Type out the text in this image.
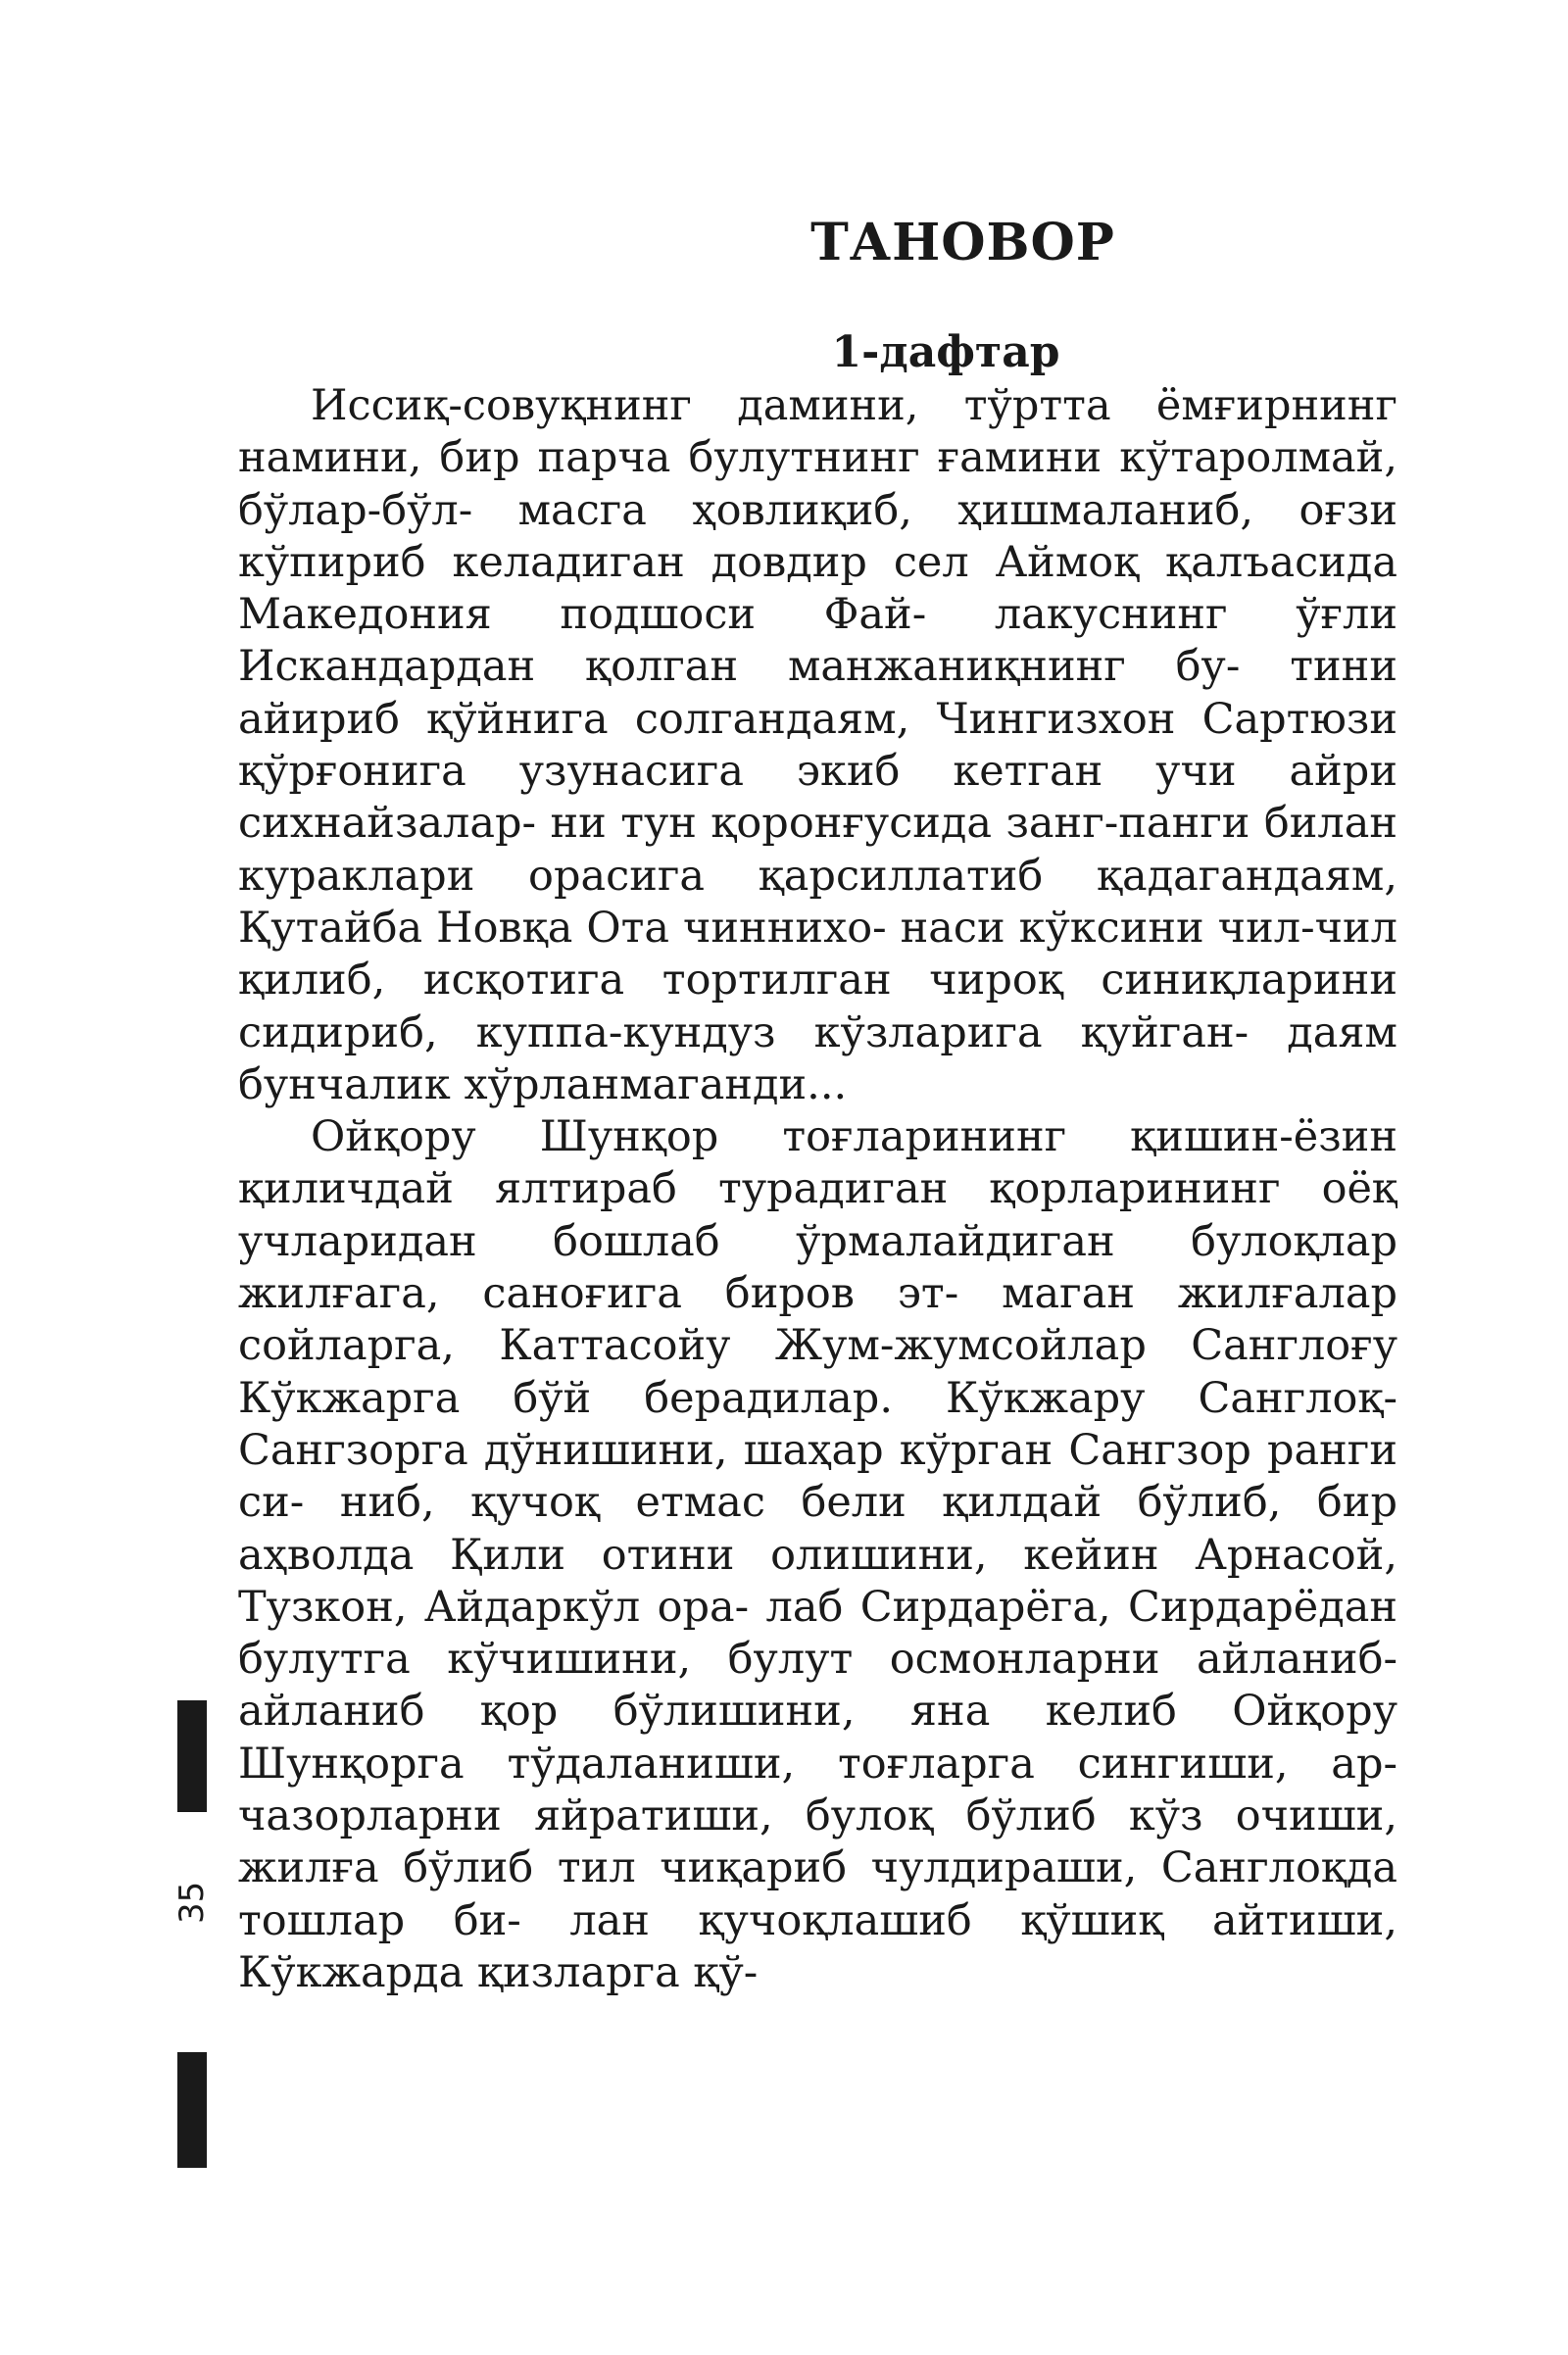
ТАНОВОР
1-дафтар
Иссиқ-совуқнинг дамини, тўртта ёмғирнинг
намини, бир парча булутнинг ғамини кўтаролмай,
бўлар-бўл- масга ҳовлиқиб, ҳишмаланиб, оғзи
кўпириб келадиган довдир сел Аймоқ қалъасида
Македония подшоси Фай- лакуснинг ўғли
Искандардан қолган манжаниқнинг бу- тини
айириб қўйнига солгандаям, Чингизхон Сартюзи
қўрғонига узунасига экиб кетган учи айри
сихнайзалар- ни тун қоронғусида занг-панги билан
кураклари орасига қарсиллатиб қадагандаям,
Қутайба Новқа Ота чиннихо- наси кўксини чил-чил
қилиб, исқотига тортилган чироқ синиқларини
сидириб, куппа-кундуз кўзларига қуйган- даям
бунчалик хўрланмаганди...
Ойқору Шунқор тоғларининг қишин-ёзин
қиличдай ялтираб турадиган қорларининг оёқ
учларидан бошлаб ўрмалайдиган булоқлар
жилғага, саноғига биров эт- маган жилғалар
сойларга, Каттасойу Жум-жумсойлар Санглоғу
Кўкжарга бўй берадилар. Кўкжару Санглоқ-
Сангзорга дўнишини, шаҳар кўрган Сангзор ранги
си- ниб, қучоқ етмас бели қилдай бўлиб, бир
аҳволда Қили отини олишини, кейин Арнасой,
Тузкон, Айдаркўл ора- лаб Сирдарёга, Сирдарёдан
булутга кўчишини, булут осмонларни айланиб-
айланиб қор бўлишини, яна келиб Ойқору
Шунқорга тўдаланиши, тоғларга сингиши, ар-
чазорларни яйратиши, булоқ бўлиб кўз очиши,
жилға бўлиб тил чиқариб чулдираши, Санглоқда
тошлар би- лан қучоқлашиб қўшиқ айтиши,
Кўкжарда қизларга қў-
35
